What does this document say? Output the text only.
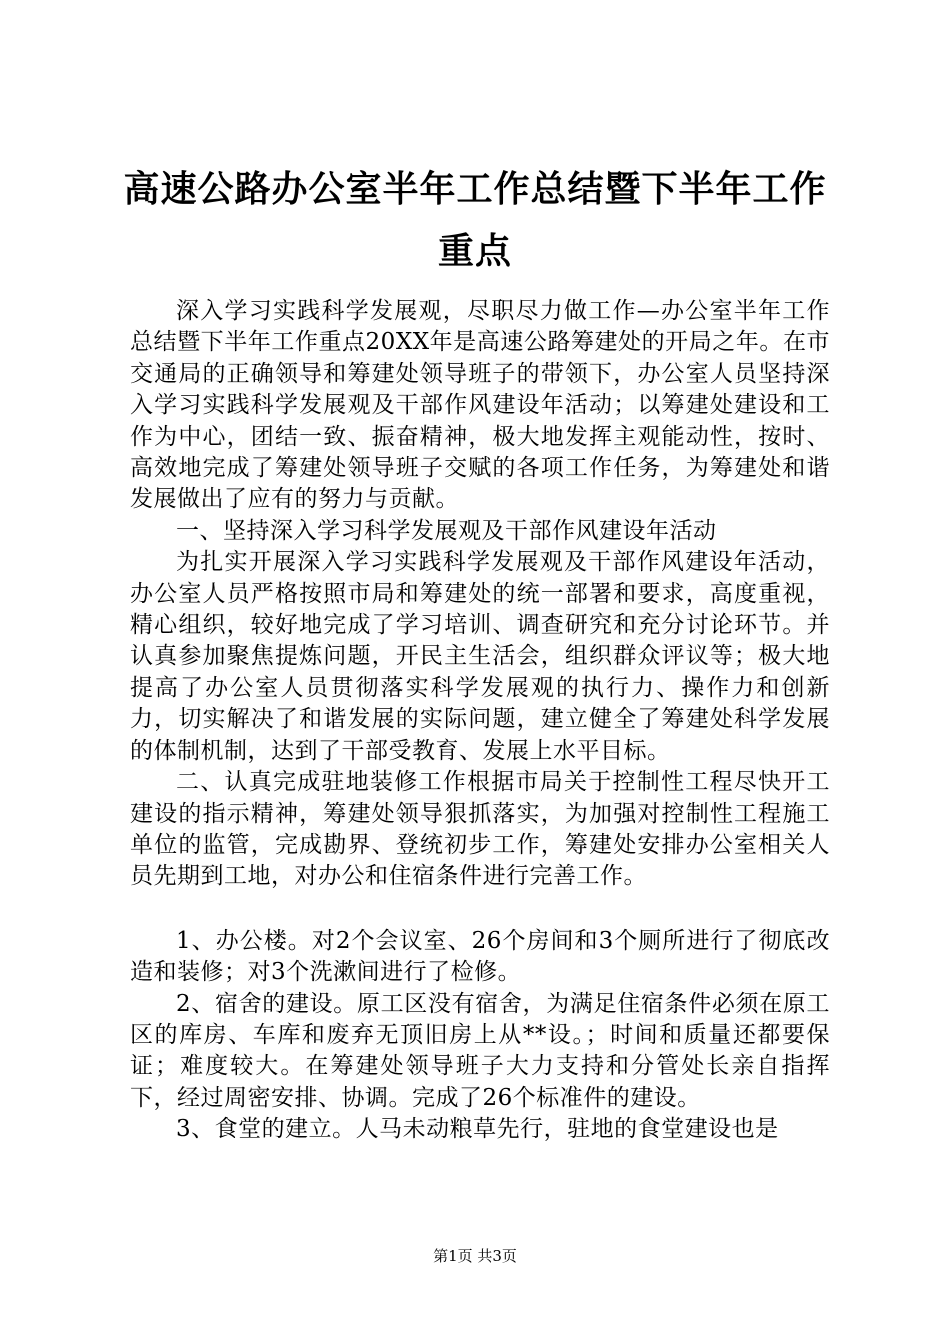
高速公路办公室半年工作总结暨下半年工作重点

深入学习实践科学发展观，尽职尽力做工作—办公室半年工作总结暨下半年工作重点20XX年是高速公路筹建处的开局之年。在市交通局的正确领导和筹建处领导班子的带领下，办公室人员坚持深入学习实践科学发展观及干部作风建设年活动；以筹建处建设和工作为中心，团结一致、振奋精神，极大地发挥主观能动性，按时、高效地完成了筹建处领导班子交赋的各项工作任务，为筹建处和谐发展做出了应有的努力与贡献。

一、坚持深入学习科学发展观及干部作风建设年活动

为扎实开展深入学习实践科学发展观及干部作风建设年活动，办公室人员严格按照市局和筹建处的统一部署和要求，高度重视，精心组织，较好地完成了学习培训、调查研究和充分讨论环节。并认真参加聚焦提炼问题，开民主生活会，组织群众评议等；极大地提高了办公室人员贯彻落实科学发展观的执行力、操作力和创新力，切实解决了和谐发展的实际问题，建立健全了筹建处科学发展的体制机制，达到了干部受教育、发展上水平目标。

二、认真完成驻地装修工作根据市局关于控制性工程尽快开工建设的指示精神，筹建处领导狠抓落实，为加强对控制性工程施工单位的监管，完成勘界、登统初步工作，筹建处安排办公室相关人员先期到工地，对办公和住宿条件进行完善工作。

1、办公楼。对2个会议室、26个房间和3个厕所进行了彻底改造和装修；对3个洗漱间进行了检修。

2、宿舍的建设。原工区没有宿舍，为满足住宿条件必须在原工区的库房、车库和废弃无顶旧房上从**设。；时间和质量还都要保证；难度较大。在筹建处领导班子大力支持和分管处长亲自指挥下，经过周密安排、协调。完成了26个标准件的建设。

3、食堂的建立。人马未动粮草先行，驻地的食堂建设也是

第1页 共3页
